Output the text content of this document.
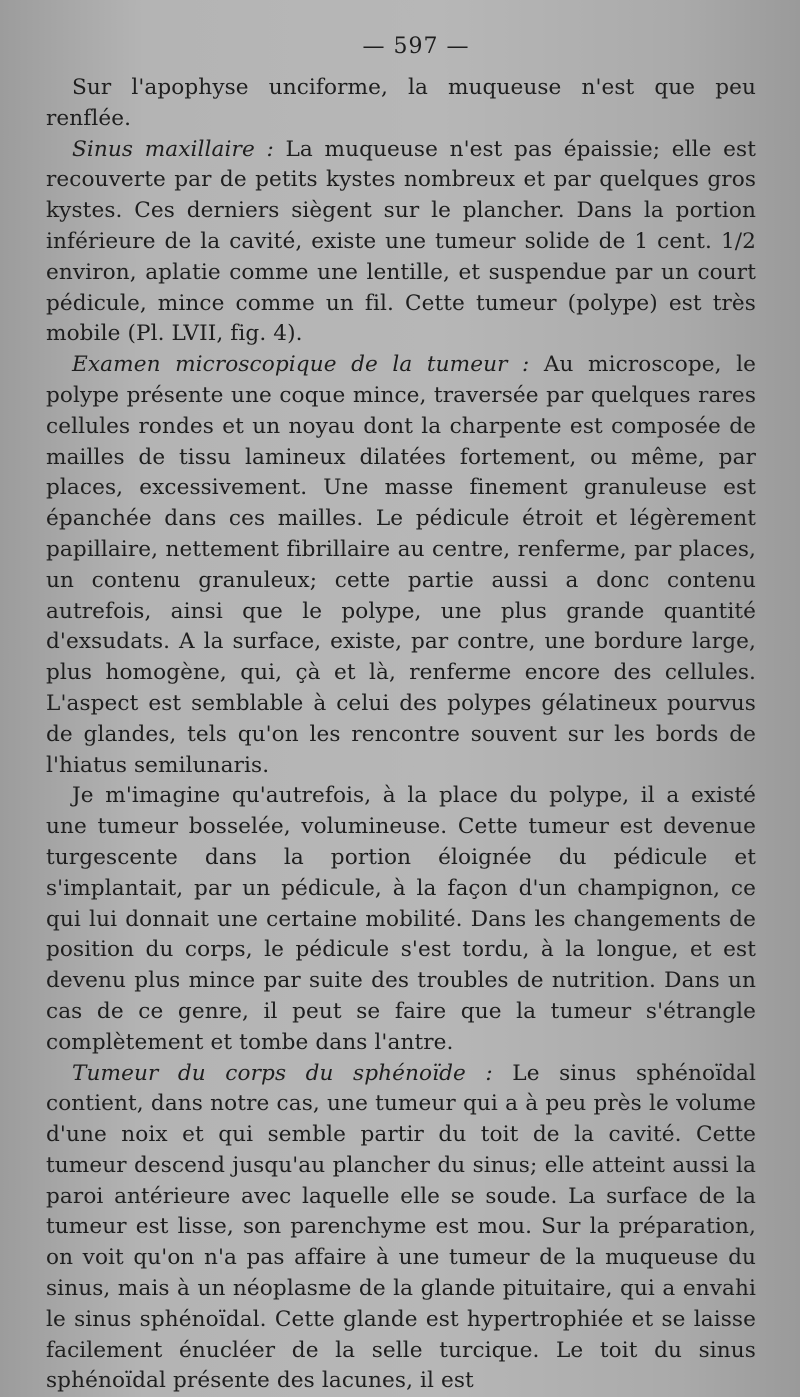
— 597 —

Sur l'apophyse unciforme, la muqueuse n'est que peu renflée.

Sinus maxillaire : La muqueuse n'est pas épaissie; elle est recouverte par de petits kystes nombreux et par quelques gros kystes. Ces derniers siègent sur le plancher. Dans la portion inférieure de la cavité, existe une tumeur solide de 1 cent. 1/2 environ, aplatie comme une lentille, et suspendue par un court pédicule, mince comme un fil. Cette tumeur (polype) est très mobile (Pl. LVII, fig. 4).

Examen microscopique de la tumeur : Au microscope, le polype présente une coque mince, traversée par quelques rares cellules rondes et un noyau dont la charpente est composée de mailles de tissu lamineux dilatées fortement, ou même, par places, excessivement. Une masse finement granuleuse est épanchée dans ces mailles. Le pédicule étroit et légèrement papillaire, nettement fibrillaire au centre, renferme, par places, un contenu granuleux; cette partie aussi a donc contenu autrefois, ainsi que le polype, une plus grande quantité d'exsudats. A la surface, existe, par contre, une bordure large, plus homogène, qui, çà et là, renferme encore des cellules. L'aspect est semblable à celui des polypes gélatineux pourvus de glandes, tels qu'on les rencontre souvent sur les bords de l'hiatus semilunaris.

Je m'imagine qu'autrefois, à la place du polype, il a existé une tumeur bosselée, volumineuse. Cette tumeur est devenue turgescente dans la portion éloignée du pédicule et s'implantait, par un pédicule, à la façon d'un champignon, ce qui lui donnait une certaine mobilité. Dans les changements de position du corps, le pédicule s'est tordu, à la longue, et est devenu plus mince par suite des troubles de nutrition. Dans un cas de ce genre, il peut se faire que la tumeur s'étrangle complètement et tombe dans l'antre.

Tumeur du corps du sphénoïde : Le sinus sphénoïdal contient, dans notre cas, une tumeur qui a à peu près le volume d'une noix et qui semble partir du toit de la cavité. Cette tumeur descend jusqu'au plancher du sinus; elle atteint aussi la paroi antérieure avec laquelle elle se soude. La surface de la tumeur est lisse, son parenchyme est mou. Sur la préparation, on voit qu'on n'a pas affaire à une tumeur de la muqueuse du sinus, mais à un néoplasme de la glande pituitaire, qui a envahi le sinus sphénoïdal. Cette glande est hypertrophiée et se laisse facilement énucléer de la selle turcique. Le toit du sinus sphénoïdal présente des lacunes, il est
